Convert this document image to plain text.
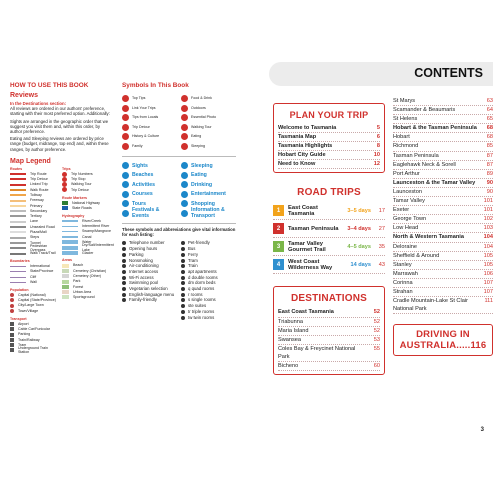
HOW TO USE THIS BOOK
Reviews
In the Destinations section:
All reviews are ordered in our authors' preference, starting with their most preferred option. Additionally:
Sights are arranged in the geographic order that we suggest you visit them and, within this order, by author preference.
Eating and Sleeping reviews are ordered by price range (budget, midrange, top end) and, within these ranges, by author preference.
Map Legend
Routes
Trip Route
Trip Detour
Linked Trip
Walk Route
Tollway
Freeway
Primary
Secondary
Tertiary
Lane
Unsealed Road
Plaza/Mall
Steps
Tunnel
Pedestrian Overpass
Walk Track/Trail
Boundaries
International
State/Province
Cliff
Wall
Population
Capital (National)
Capital (State/Province)
City/Large Town
Town/Village
Transport
Airport
Cable Car/Funicular
Parking
Train/Railway
Tram
Underground Train Station
Trips
Trip Numbers
Trip Stop
Walking Tour
Trip Detour
Route Markers
National Highway
State Roads
Hydrography
River/Creek
Intermittent River
Swamp/Mangrove
Canal
Water
Dry/Salt/Intermittent Lake
Glacier
Areas
Beach
Cemetery (Christian)
Cemetery (Other)
Park
Forest
Urban Area
Sportsground
Symbols In This Book
Top Tips	Food & Drink
Link Your Trips	Outdoors
Tips from Locals	Essential Photo
Trip Detour	Walking Tour
History & Culture	Eating
Family	Sleeping
Sights	Sleeping
Beaches	Eating
Activities	Drinking
Courses	Entertainment
Tours	Shopping
Festivals & Events
Information & Transport
These symbols and abbreviations give vital information for each listing:
Telephone number
Opening hours
Parking
Nonsmoking
Air-conditioning
Internet access
Wi-Fi access
Swimming pool
Vegetarian selection
English-language menu
Family-friendly
Pet-friendly
Bus
Ferry
Tram
Train
apt apartments
d double rooms
dm dorm beds
q quad rooms
r rooms
s single rooms
ste suites
tr triple rooms
tw twin rooms
CONTENTS
PLAN YOUR TRIP
Welcome to Tasmania	5
Tasmania Map	6
Tasmania Highlights	8
Hobart City Guide	10
Need to Know	12
ROAD TRIPS
1
East Coast Tasmania	3–5 days	17
2	Tasman Peninsula	3–4 days	27
3
Tamar Valley Gourmet Trail	4–5 days	35
4
West Coast Wilderness Way	14 days	43
DESTINATIONS
East Coast Tasmania	52
Triabunna	52
Maria Island	52
Swansea	53
Coles Bay & Freycinet National Park
55
Bicheno	60
St Marys	63
Scamander & Beaumaris	64
St Helens	65
Hobart & the Tasman Peninsula	68
Hobart	68
Richmond	85
Tasman Peninsula	87
Eaglehawk Neck & Sorell	87
Port Arthur	89
Launceston & the Tamar Valley	90
Launceston	90
Tamar Valley	101
Exeter	101
George Town	102
Low Head	103
North & Western Tasmania	104
Deloraine	104
Sheffield & Around	105
Stanley	105
Marrawah	106
Corinna	107
Strahan	107
Cradle Mountain-Lake St Clair National Park
111
DRIVING IN
AUSTRALIA.....116
3
